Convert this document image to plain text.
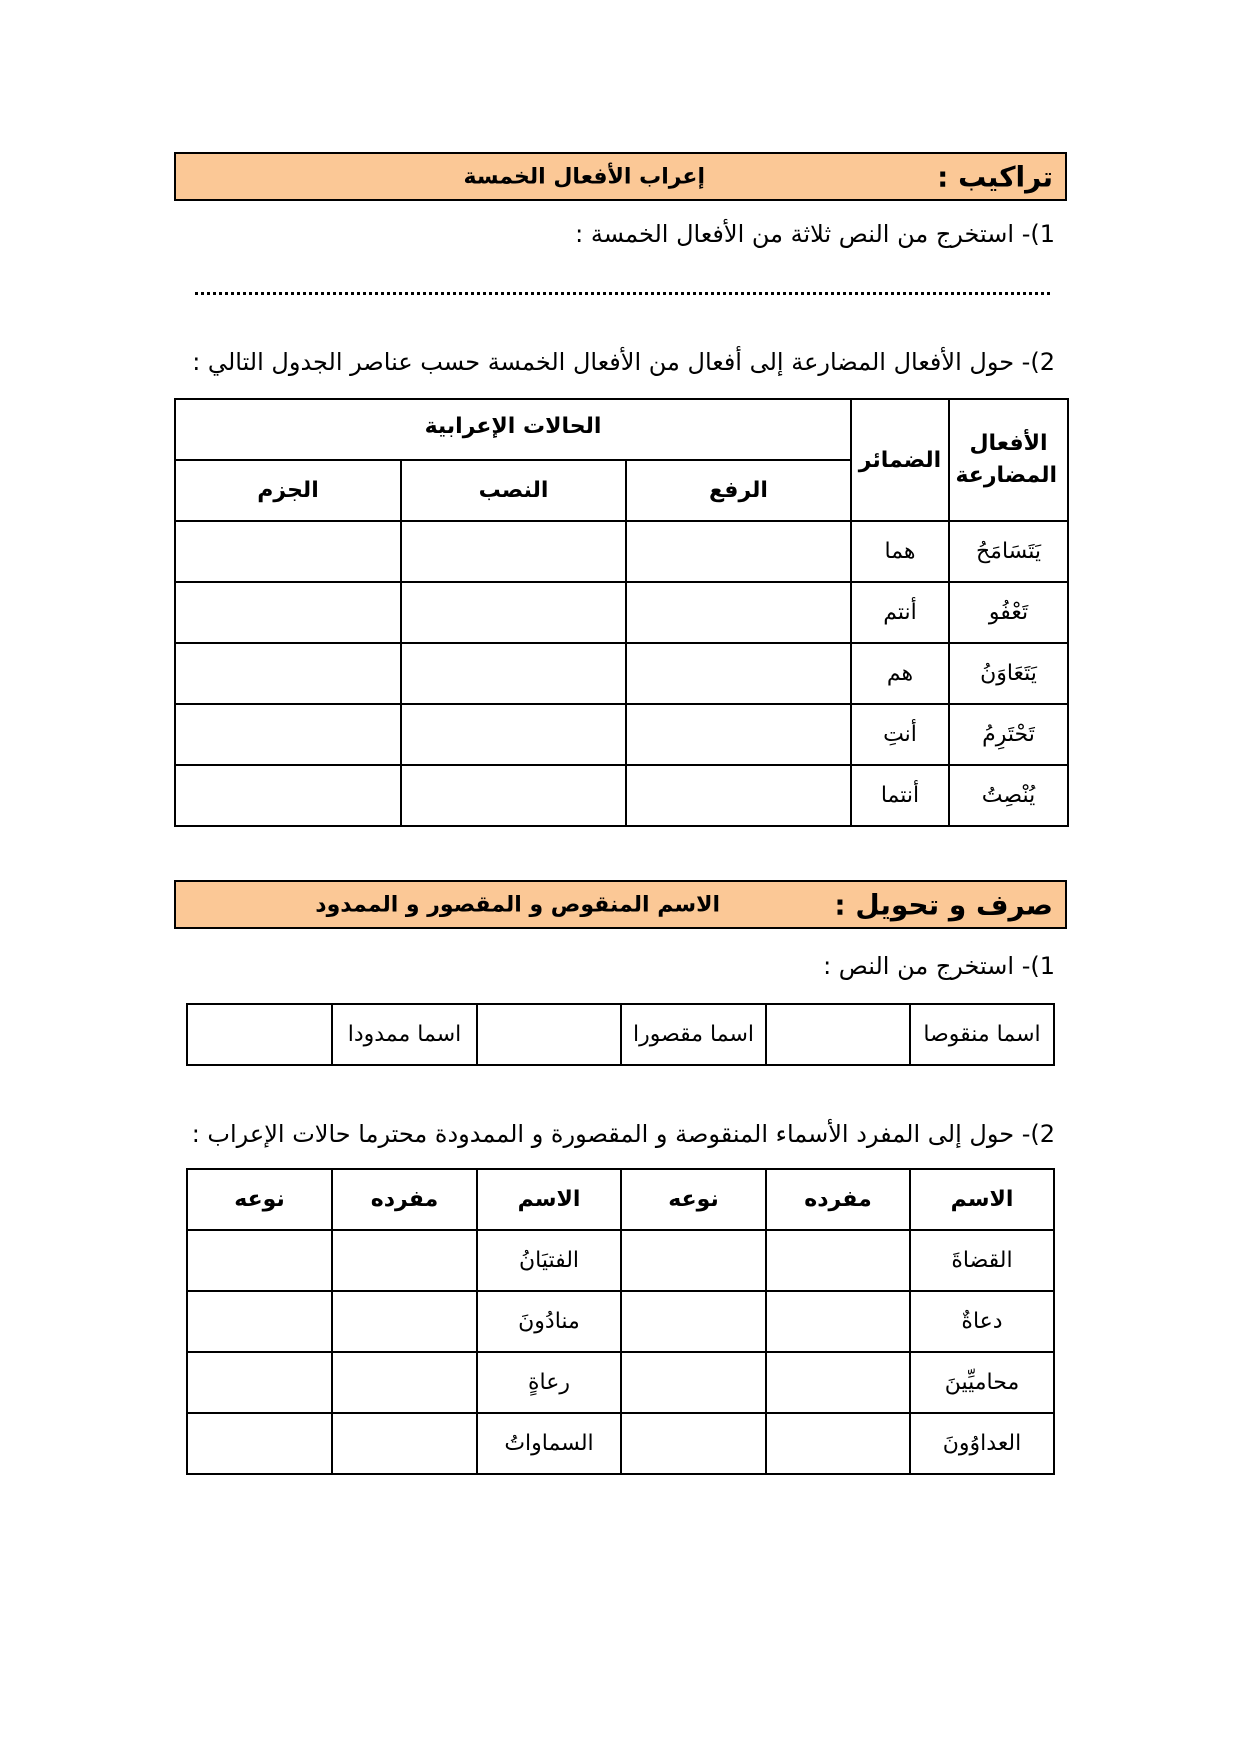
تراكيب :
إعراب الأفعال الخمسة
1)- استخرج من النص ثلاثة من الأفعال الخمسة :
2)- حول الأفعال المضارعة إلى أفعال من الأفعال الخمسة حسب عناصر الجدول التالي :
الأفعال المضارعة	الضمائر	الحالات الإعرابية		
		الرفع	النصب	الجزم
يَتَسَامَحُ	هما			
تَعْفُو	أنتم			
يَتَعَاوَنُ	هم			
تَحْتَرِمُ	أنتِ			
يُنْصِتُ	أنتما			
صرف و تحويل :
الاسم المنقوص و المقصور و الممدود
1)- استخرج من النص :
اسما منقوصا		اسما مقصورا		اسما ممدودا	
2)- حول إلى المفرد الأسماء المنقوصة و المقصورة و الممدودة محترما حالات الإعراب :
الاسم	مفرده	نوعه	الاسم	مفرده	نوعه
القضاةَ			الفتيَانُ		
دعاةٌ			منادُونَ		
محاميِّينَ			رعاةٍ		
العداوُونَ			السماواتُ		
